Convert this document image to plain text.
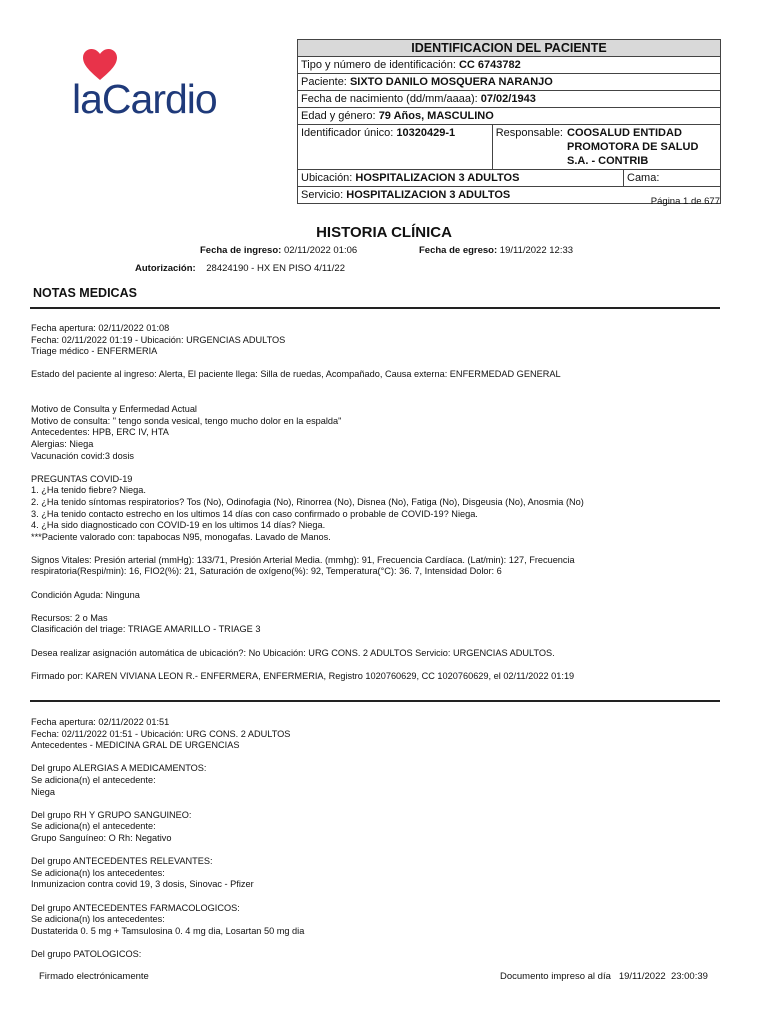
laCardio
IDENTIFICACION DEL PACIENTE		
Tipo y número de identificación: CC 6743782		
Paciente: SIXTO DANILO MOSQUERA NARANJO		
Fecha de nacimiento (dd/mm/aaaa): 07/02/1943		
Edad y género: 79 Años, MASCULINO		
Identificador único: 10320429-1	Responsable: COOSALUD ENTIDAD PROMOTORA DE SALUD S.A. - CONTRIB	

Ubicación: HOSPITALIZACION 3 ADULTOS		Cama:
Servicio: HOSPITALIZACION 3 ADULTOS		
Página 1 de 677
HISTORIA CLÍNICA
Fecha de ingreso: 02/11/2022 01:06	Fecha de egreso: 19/11/2022 12:33
Autorización: 28424190 - HX EN PISO 4/11/22
NOTAS MEDICAS

Fecha apertura: 02/11/2022 01:08

Fecha: 02/11/2022 01:19 - Ubicación: URGENCIAS ADULTOS

Triage médico - ENFERMERIA

Estado del paciente al ingreso: Alerta, El paciente llega: Silla de ruedas, Acompañado, Causa externa: ENFERMEDAD GENERAL

Motivo de Consulta y Enfermedad Actual

Motivo de consulta: " tengo sonda vesical, tengo mucho dolor en la espalda"

Antecedentes: HPB, ERC IV, HTA

Alergias: Niega

Vacunación covid:3 dosis

PREGUNTAS COVID-19

1. ¿Ha tenido fiebre? Niega.

2. ¿Ha tenido síntomas respiratorios? Tos (No), Odinofagia (No), Rinorrea (No), Disnea (No), Fatiga (No), Disgeusia (No), Anosmia (No)

3. ¿Ha tenido contacto estrecho en los ultimos 14 días con caso confirmado o probable de COVID-19? Niega.

4. ¿Ha sido diagnosticado con COVID-19 en los ultimos 14 días? Niega.

***Paciente valorado con: tapabocas N95, monogafas. Lavado de Manos.

Signos Vitales: Presión arterial (mmHg): 133/71, Presión Arterial Media. (mmhg): 91, Frecuencia Cardíaca. (Lat/min): 127, Frecuencia

respiratoria(Respi/min): 16, FIO2(%): 21, Saturación de oxígeno(%): 92, Temperatura(°C): 36. 7, Intensidad Dolor: 6

Condición Aguda: Ninguna

Recursos: 2 o Mas

Clasificación del triage: TRIAGE AMARILLO - TRIAGE 3

Desea realizar asignación automática de ubicación?: No Ubicación: URG CONS. 2 ADULTOS Servicio: URGENCIAS ADULTOS.

Firmado por: KAREN VIVIANA LEON R.- ENFERMERA, ENFERMERIA, Registro 1020760629, CC 1020760629, el 02/11/2022 01:19

Fecha apertura: 02/11/2022 01:51

Fecha: 02/11/2022 01:51 - Ubicación: URG CONS. 2 ADULTOS

Antecedentes - MEDICINA GRAL DE URGENCIAS

Del grupo ALERGIAS A MEDICAMENTOS:

Se adiciona(n) el antecedente:

Niega

Del grupo RH Y GRUPO SANGUINEO:

Se adiciona(n) el antecedente:

Grupo Sanguíneo: O Rh: Negativo

Del grupo ANTECEDENTES RELEVANTES:

Se adiciona(n) los antecedentes:

Inmunizacion contra covid 19, 3 dosis, Sinovac - Pfizer

Del grupo ANTECEDENTES FARMACOLOGICOS:

Se adiciona(n) los antecedentes:

Dustaterida 0. 5 mg + Tamsulosina 0. 4 mg dia, Losartan 50 mg dia

Del grupo PATOLOGICOS:

Firmado electrónicamente	Documento impreso al día 19/11/2022 23:00:39
